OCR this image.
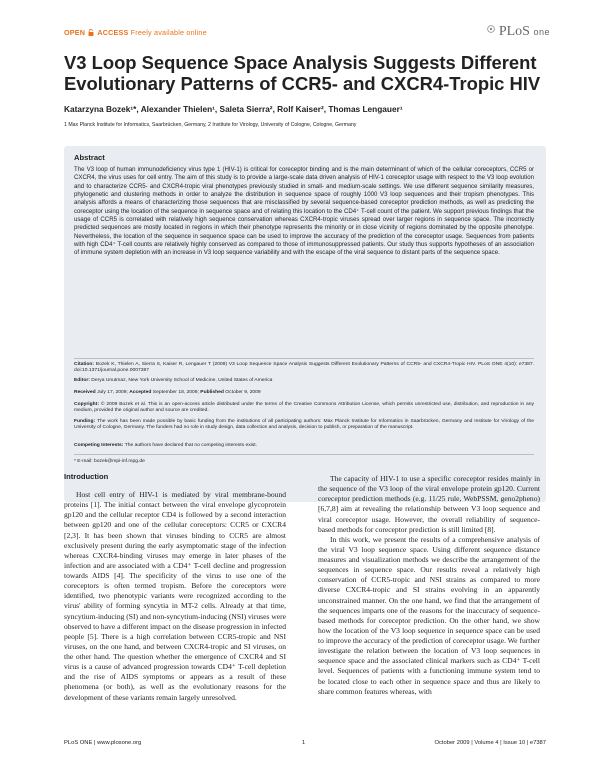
OPEN ACCESS Freely available online	PLoS one
V3 Loop Sequence Space Analysis Suggests Different Evolutionary Patterns of CCR5- and CXCR4-Tropic HIV
Katarzyna Bozek¹*, Alexander Thielen¹, Saleta Sierra², Rolf Kaiser², Thomas Lengauer¹
1 Max Planck Institute for Informatics, Saarbrücken, Germany, 2 Institute for Virology, University of Cologne, Cologne, Germany
Abstract

The V3 loop of human immunodeficiency virus type 1 (HIV-1) is critical for coreceptor binding and is the main determinant of which of the cellular coreceptors, CCR5 or CXCR4, the virus uses for cell entry. The aim of this study is to provide a large-scale data driven analysis of HIV-1 coreceptor usage with respect to the V3 loop evolution and to characterize CCR5- and CXCR4-tropic viral phenotypes previously studied in small- and medium-scale settings. We use different sequence similarity measures, phylogenetic and clustering methods in order to analyze the distribution in sequence space of roughly 1000 V3 loop sequences and their tropism phenotypes. This analysis affords a means of characterizing those sequences that are misclassified by several sequence-based coreceptor prediction methods, as well as predicting the coreceptor using the location of the sequence in sequence space and of relating this location to the CD4⁺ T-cell count of the patient. We support previous findings that the usage of CCR5 is correlated with relatively high sequence conservation whereas CXCR4-tropic viruses spread over larger regions in sequence space. The incorrectly predicted sequences are mostly located in regions in which their phenotype represents the minority or in close vicinity of regions dominated by the opposite phenotype. Nevertheless, the location of the sequence in sequence space can be used to improve the accuracy of the prediction of the coreceptor usage. Sequences from patients with high CD4⁺ T-cell counts are relatively highly conserved as compared to those of immunosuppressed patients. Our study thus supports hypotheses of an association of immune system depletion with an increase in V3 loop sequence variability and with the escape of the viral sequence to distant parts of the sequence space.

Citation: Bozek K, Thielen A, Sierra S, Kaiser R, Lengauer T (2009) V3 Loop Sequence Space Analysis Suggests Different Evolutionary Patterns of CCR5- and CXCR4-Tropic HIV. PLoS ONE 4(10): e7387. doi:10.1371/journal.pone.0007387

Editor: Derya Unutmaz, New York University School of Medicine, United States of America

Received July 17, 2009; Accepted September 18, 2009; Published October 9, 2009

Copyright: © 2009 Bozek et al. This is an open-access article distributed under the terms of the Creative Commons Attribution License, which permits unrestricted use, distribution, and reproduction in any medium, provided the original author and source are credited.

Funding: The work has been made possible by basic funding from the institutions of all participating authors: Max Planck Institute for Informatics in Saarbrücken, Germany and Institute for Virology of the University of Cologne, Germany. The funders had no role in study design, data collection and analysis, decision to publish, or preparation of the manuscript.

Competing Interests: The authors have declared that no competing interests exist.

* E-mail: bozek@mpi-inf.mpg.de

Introduction

Host cell entry of HIV-1 is mediated by viral membrane-bound proteins [1]. The initial contact between the viral envelope glycoprotein gp120 and the cellular receptor CD4 is followed by a second interaction between gp120 and one of the cellular coreceptors: CCR5 or CXCR4 [2,3]. It has been shown that viruses binding to CCR5 are almost exclusively present during the early asymptomatic stage of the infection whereas CXCR4-binding viruses may emerge in later phases of the infection and are associated with a CD4⁺ T-cell decline and progression towards AIDS [4]. The specificity of the virus to use one of the coreceptors is often termed tropism. Before the coreceptors were identified, two phenotypic variants were recognized according to the virus' ability of forming syncytia in MT-2 cells. Already at that time, syncytium-inducing (SI) and non-syncytium-inducing (NSI) viruses were observed to have a different impact on the disease progression in infected people [5]. There is a high correlation between CCR5-tropic and NSI viruses, on the one hand, and between CXCR4-tropic and SI viruses, on the other hand. The question whether the emergence of CXCR4 and SI virus is a cause of advanced progression towards CD4⁺ T-cell depletion and the rise of AIDS symptoms or appears as a result of these phenomena (or both), as well as the evolutionary reasons for the development of these variants remain largely unresolved.

The capacity of HIV-1 to use a specific coreceptor resides mainly in the sequence of the V3 loop of the viral envelope protein gp120. Current coreceptor prediction methods (e.g. 11/25 rule, WebPSSM, geno2pheno) [6,7,8] aim at revealing the relationship between V3 loop sequence and viral coreceptor usage. However, the overall reliability of sequence-based methods for coreceptor prediction is still limited [8].

In this work, we present the results of a comprehensive analysis of the viral V3 loop sequence space. Using different sequence distance measures and visualization methods we describe the arrangement of the sequences in sequence space. Our results reveal a relatively high conservation of CCR5-tropic and NSI strains as compared to more diverse CXCR4-tropic and SI strains evolving in an apparently unconstrained manner. On the one hand, we find that the arrangement of the sequences imparts one of the reasons for the inaccuracy of sequence-based methods for coreceptor prediction. On the other hand, we show how the location of the V3 loop sequence in sequence space can be used to improve the accuracy of the prediction of coreceptor usage. We further investigate the relation between the location of V3 loop sequences in sequence space and the associated clinical markers such as CD4⁺ T-cell level. Sequences of patients with a functioning immune system tend to be located close to each other in sequence space and thus are likely to share common features whereas, with

PLoS ONE | www.plosone.org	1	October 2009 | Volume 4 | Issue 10 | e7387
